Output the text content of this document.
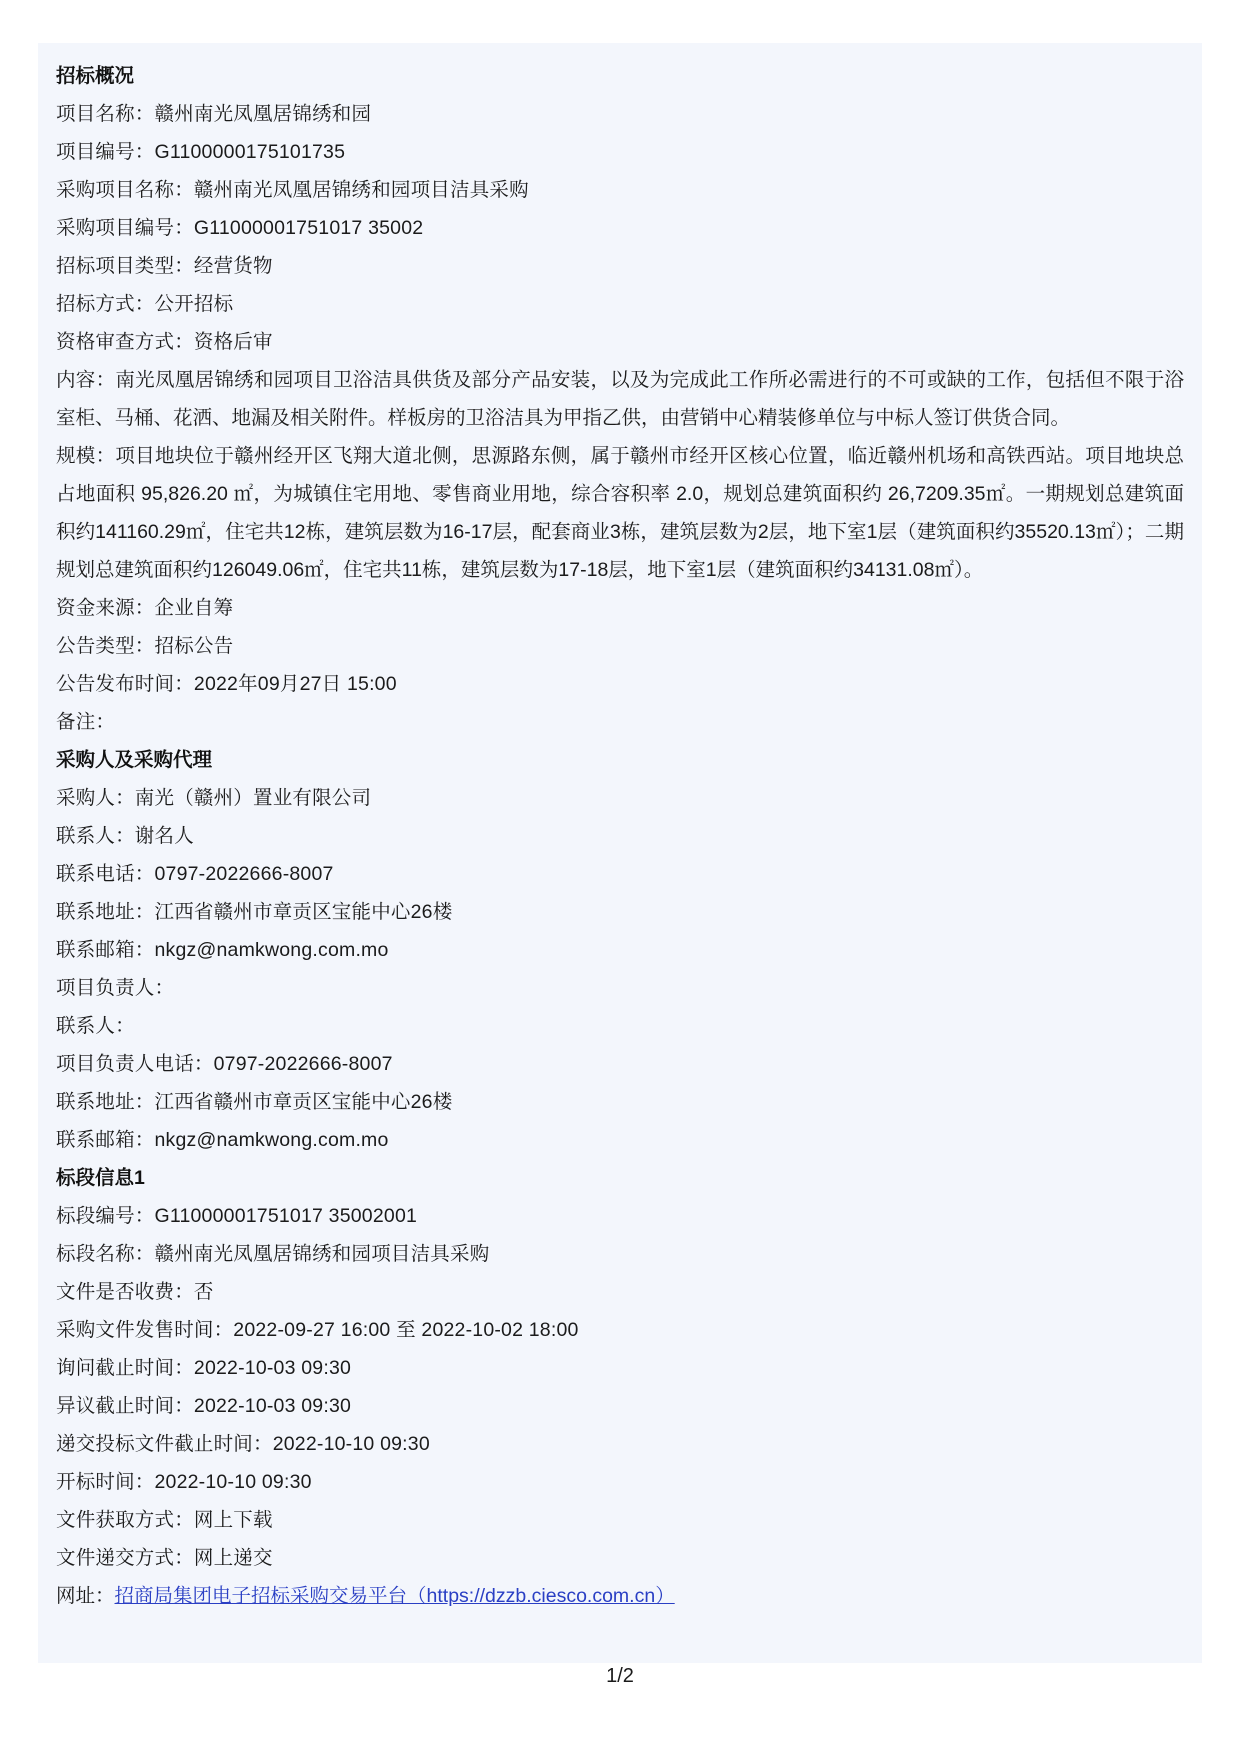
招标概况
项目名称：赣州南光凤凰居锦绣和园
项目编号：G1100000175101735
采购项目名称：赣州南光凤凰居锦绣和园项目洁具采购
采购项目编号：G11000001751017 35002
招标项目类型：经营货物
招标方式：公开招标
资格审查方式：资格后审
内容：南光凤凰居锦绣和园项目卫浴洁具供货及部分产品安装，以及为完成此工作所必需进行的不可或缺的工作，包括但不限于浴室柜、马桶、花洒、地漏及相关附件。样板房的卫浴洁具为甲指乙供，由营销中心精装修单位与中标人签订供货合同。
规模：项目地块位于赣州经开区飞翔大道北侧，思源路东侧，属于赣州市经开区核心位置，临近赣州机场和高铁西站。项目地块总占地面积 95,826.20 ㎡，为城镇住宅用地、零售商业用地，综合容积率 2.0，规划总建筑面积约 26,7209.35㎡。一期规划总建筑面积约141160.29㎡，住宅共12栋，建筑层数为16-17层，配套商业3栋，建筑层数为2层，地下室1层（建筑面积约35520.13㎡）；二期规划总建筑面积约126049.06㎡，住宅共11栋，建筑层数为17-18层，地下室1层（建筑面积约34131.08㎡）。
资金来源：企业自筹
公告类型：招标公告
公告发布时间：2022年09月27日 15:00
备注：
采购人及采购代理
采购人：南光（赣州）置业有限公司
联系人：谢名人
联系电话：0797-2022666-8007
联系地址：江西省赣州市章贡区宝能中心26楼
联系邮箱：nkgz@namkwong.com.mo
项目负责人：
联系人：
项目负责人电话：0797-2022666-8007
联系地址：江西省赣州市章贡区宝能中心26楼
联系邮箱：nkgz@namkwong.com.mo
标段信息1
标段编号：G11000001751017 35002001
标段名称：赣州南光凤凰居锦绣和园项目洁具采购
文件是否收费：否
采购文件发售时间：2022-09-27 16:00 至 2022-10-02 18:00
询问截止时间：2022-10-03 09:30
异议截止时间：2022-10-03 09:30
递交投标文件截止时间：2022-10-10 09:30
开标时间：2022-10-10 09:30
文件获取方式：网上下载
文件递交方式：网上递交
网址：招商局集团电子招标采购交易平台（https://dzzb.ciesco.com.cn）
1/2
